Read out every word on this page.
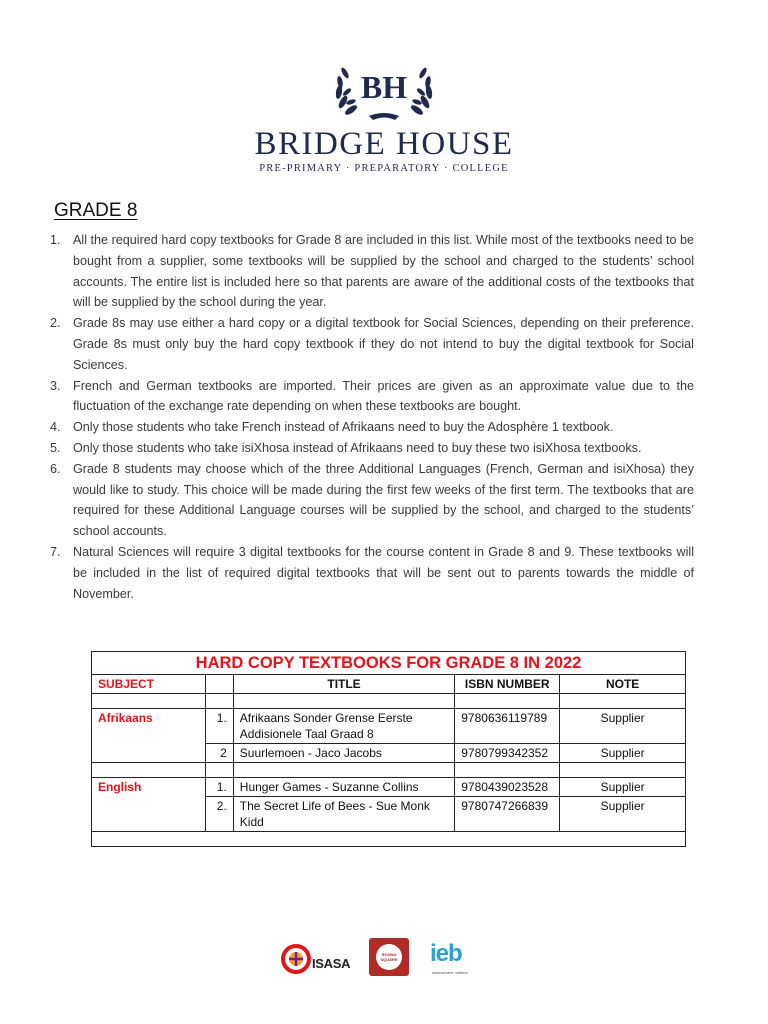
BH
BRIDGE HOUSE
PRE-PRIMARY · PREPARATORY · COLLEGE
GRADE 8
1. All the required hard copy textbooks for Grade 8 are included in this list. While most of the textbooks need to be bought from a supplier, some textbooks will be supplied by the school and charged to the students’ school accounts. The entire list is included here so that parents are aware of the additional costs of the textbooks that will be supplied by the school during the year.
2. Grade 8s may use either a hard copy or a digital textbook for Social Sciences, depending on their preference. Grade 8s must only buy the hard copy textbook if they do not intend to buy the digital textbook for Social Sciences.
3. French and German textbooks are imported. Their prices are given as an approximate value due to the fluctuation of the exchange rate depending on when these textbooks are bought.
4. Only those students who take French instead of Afrikaans need to buy the Adosphère 1 textbook.
5. Only those students who take isiXhosa instead of Afrikaans need to buy these two isiXhosa textbooks.
6. Grade 8 students may choose which of the three Additional Languages (French, German and isiXhosa) they would like to study. This choice will be made during the first few weeks of the first term. The textbooks that are required for these Additional Language courses will be supplied by the school, and charged to the students’ school accounts.
7. Natural Sciences will require 3 digital textbooks for the course content in Grade 8 and 9. These textbooks will be included in the list of required digital textbooks that will be sent out to parents towards the middle of November.
HARD COPY TEXTBOOKS FOR GRADE 8 IN 2022				
SUBJECT		TITLE	ISBN NUMBER	NOTE

Afrikaans	1.	Afrikaans Sonder Grense Eerste Addisionele Taal Graad 8	9780636119789	Supplier
	2	Suurlemoen - Jaco Jacobs	9780799342352	Supplier

English	1.	Hunger Games - Suzanne Collins	9780439023528	Supplier
	2.	The Secret Life of Bees - Sue Monk Kidd	9780747266839	Supplier

ISASA
ROUND SQUARE ieb
assessment matters
